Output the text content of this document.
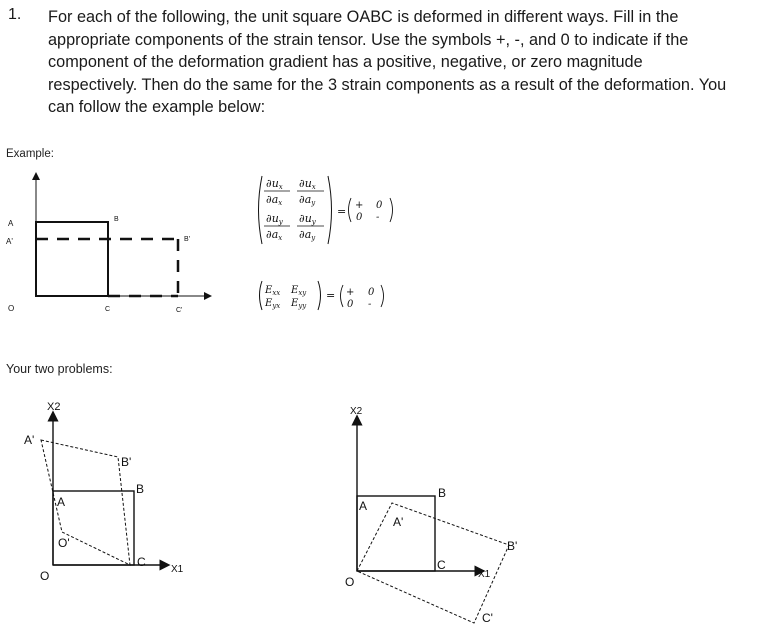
1. For each of the following, the unit square OABC is deformed in different ways. Fill in the
appropriate components of the strain tensor. Use the symbols +, -, and 0 to indicate if the
component of the deformation gradient has a positive, negative, or zero magnitude
respectively. Then do the same for the 3 strain components as a result of the deformation. You
can follow the example below:
Example:
Your two problems:
A
A'
O
B
B'
C	C'
∂ux
∂ax
∂ux
∂ay
∂uy
∂ax
∂uy
∂ay
= + 0
0 -
$E_{xx}$ $E_{xy}$
$E_{yx}$ $E_{yy}$
= + 0
0 -
X2
X1
A'
B'
B
A
O'
C
O
X2
X1
B
A
A'
B'
C
O
C'
